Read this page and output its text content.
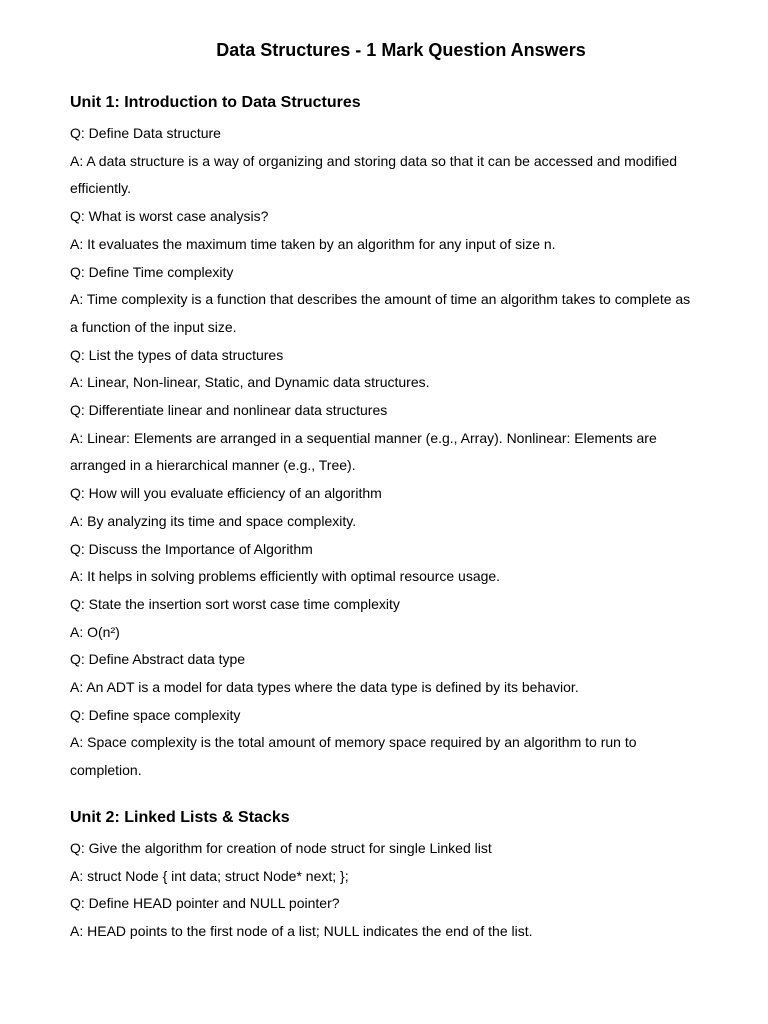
Data Structures - 1 Mark Question Answers
Unit 1: Introduction to Data Structures

Q: Define Data structure

A: A data structure is a way of organizing and storing data so that it can be accessed and modified

efficiently.

Q: What is worst case analysis?

A: It evaluates the maximum time taken by an algorithm for any input of size n.

Q: Define Time complexity

A: Time complexity is a function that describes the amount of time an algorithm takes to complete as

a function of the input size.

Q: List the types of data structures

A: Linear, Non-linear, Static, and Dynamic data structures.

Q: Differentiate linear and nonlinear data structures

A: Linear: Elements are arranged in a sequential manner (e.g., Array). Nonlinear: Elements are

arranged in a hierarchical manner (e.g., Tree).

Q: How will you evaluate efficiency of an algorithm

A: By analyzing its time and space complexity.

Q: Discuss the Importance of Algorithm

A: It helps in solving problems efficiently with optimal resource usage.

Q: State the insertion sort worst case time complexity

A: O(n²)

Q: Define Abstract data type

A: An ADT is a model for data types where the data type is defined by its behavior.

Q: Define space complexity

A: Space complexity is the total amount of memory space required by an algorithm to run to

completion.

Unit 2: Linked Lists & Stacks

Q: Give the algorithm for creation of node struct for single Linked list

A: struct Node { int data; struct Node* next; };

Q: Define HEAD pointer and NULL pointer?

A: HEAD points to the first node of a list; NULL indicates the end of the list.
